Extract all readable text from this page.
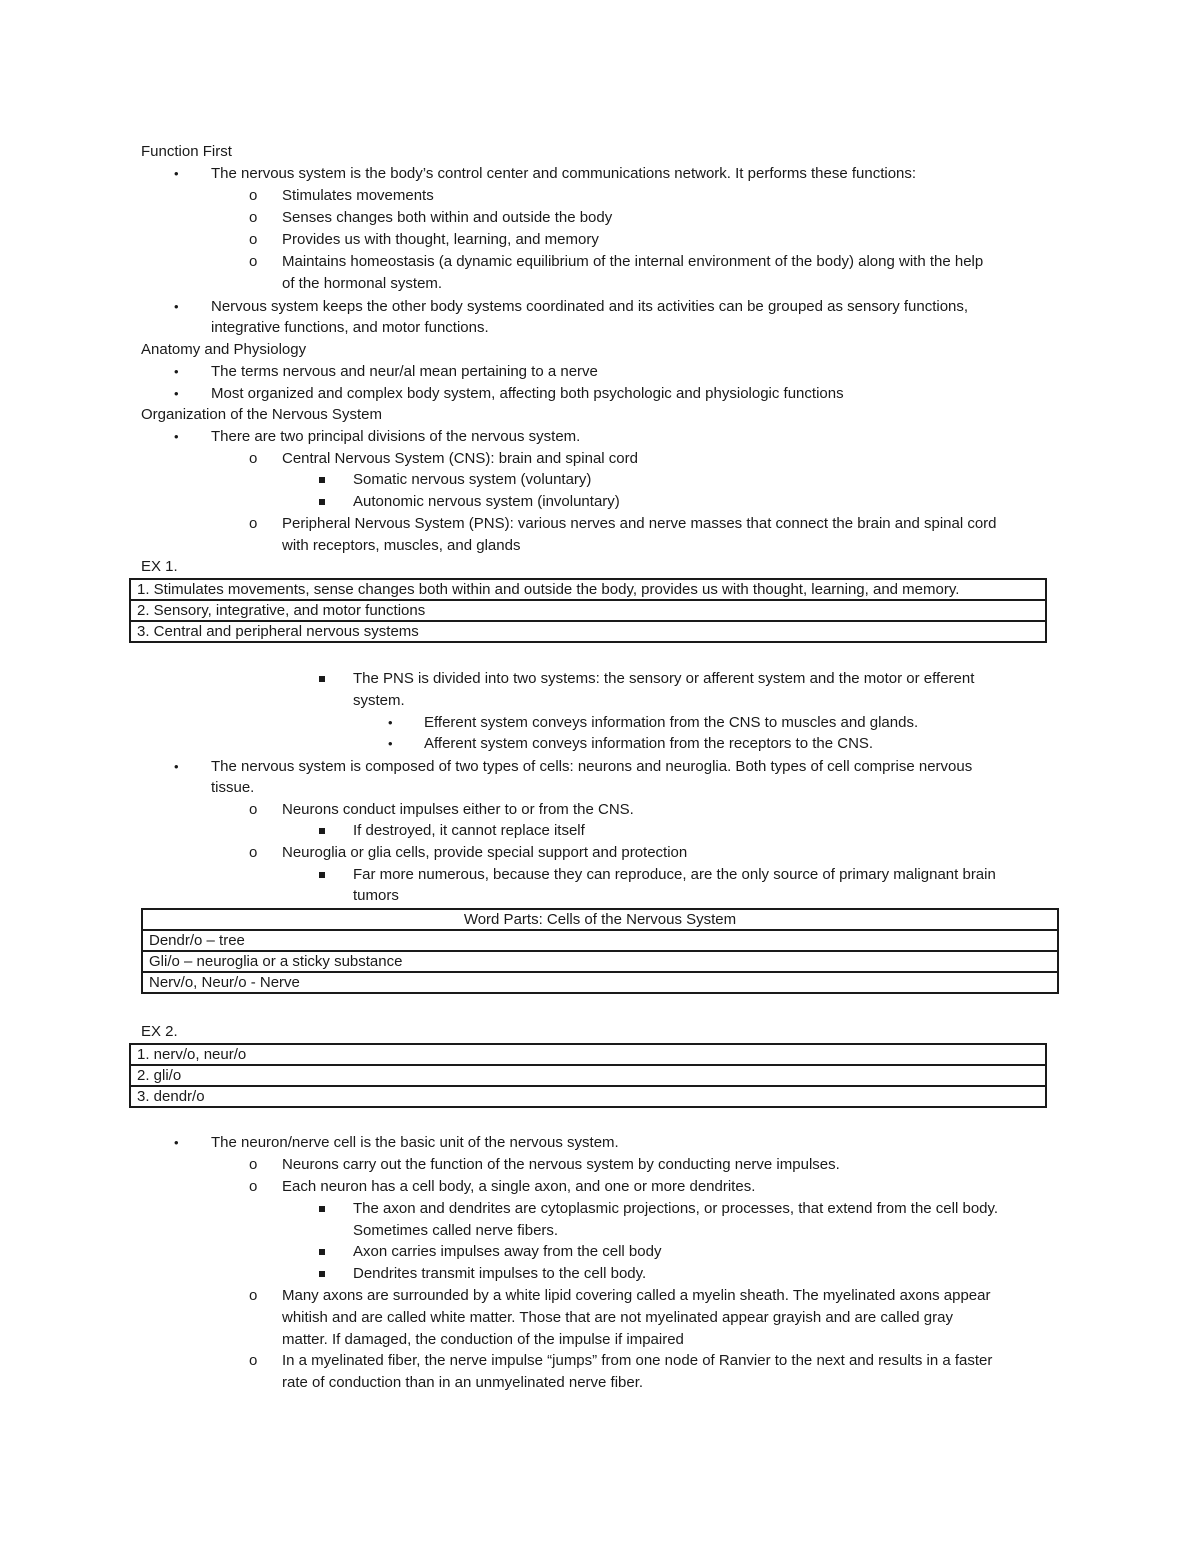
Function First
• The nervous system is the body’s control center and communications network. It performs these functions:
o Stimulates movements
o Senses changes both within and outside the body
o Provides us with thought, learning, and memory
o Maintains homeostasis (a dynamic equilibrium of the internal environment of the body) along with the help
of the hormonal system.
• Nervous system keeps the other body systems coordinated and its activities can be grouped as sensory functions,
integrative functions, and motor functions.
Anatomy and Physiology
• The terms nervous and neur/al mean pertaining to a nerve
• Most organized and complex body system, affecting both psychologic and physiologic functions
Organization of the Nervous System
• There are two principal divisions of the nervous system.
o Central Nervous System (CNS): brain and spinal cord
Somatic nervous system (voluntary)
Autonomic nervous system (involuntary)
o Peripheral Nervous System (PNS): various nerves and nerve masses that connect the brain and spinal cord
with receptors, muscles, and glands
EX 1.
1. Stimulates movements, sense changes both within and outside the body, provides us with thought, learning, and memory.
2. Sensory, integrative, and motor functions
3. Central and peripheral nervous systems
The PNS is divided into two systems: the sensory or afferent system and the motor or efferent
system.
• Efferent system conveys information from the CNS to muscles and glands.
• Afferent system conveys information from the receptors to the CNS.
• The nervous system is composed of two types of cells: neurons and neuroglia. Both types of cell comprise nervous
tissue.
o Neurons conduct impulses either to or from the CNS.
If destroyed, it cannot replace itself
o Neuroglia or glia cells, provide special support and protection
Far more numerous, because they can reproduce, are the only source of primary malignant brain
tumors
Word Parts: Cells of the Nervous System
Dendr/o – tree
Gli/o – neuroglia or a sticky substance
Nerv/o, Neur/o - Nerve
EX 2.
1. nerv/o, neur/o
2. gli/o
3. dendr/o
• The neuron/nerve cell is the basic unit of the nervous system.
o Neurons carry out the function of the nervous system by conducting nerve impulses.
o Each neuron has a cell body, a single axon, and one or more dendrites.
The axon and dendrites are cytoplasmic projections, or processes, that extend from the cell body.
Sometimes called nerve fibers.
Axon carries impulses away from the cell body
Dendrites transmit impulses to the cell body.
o Many axons are surrounded by a white lipid covering called a myelin sheath. The myelinated axons appear
whitish and are called white matter. Those that are not myelinated appear grayish and are called gray
matter. If damaged, the conduction of the impulse if impaired
o In a myelinated fiber, the nerve impulse “jumps” from one node of Ranvier to the next and results in a faster
rate of conduction than in an unmyelinated nerve fiber.
